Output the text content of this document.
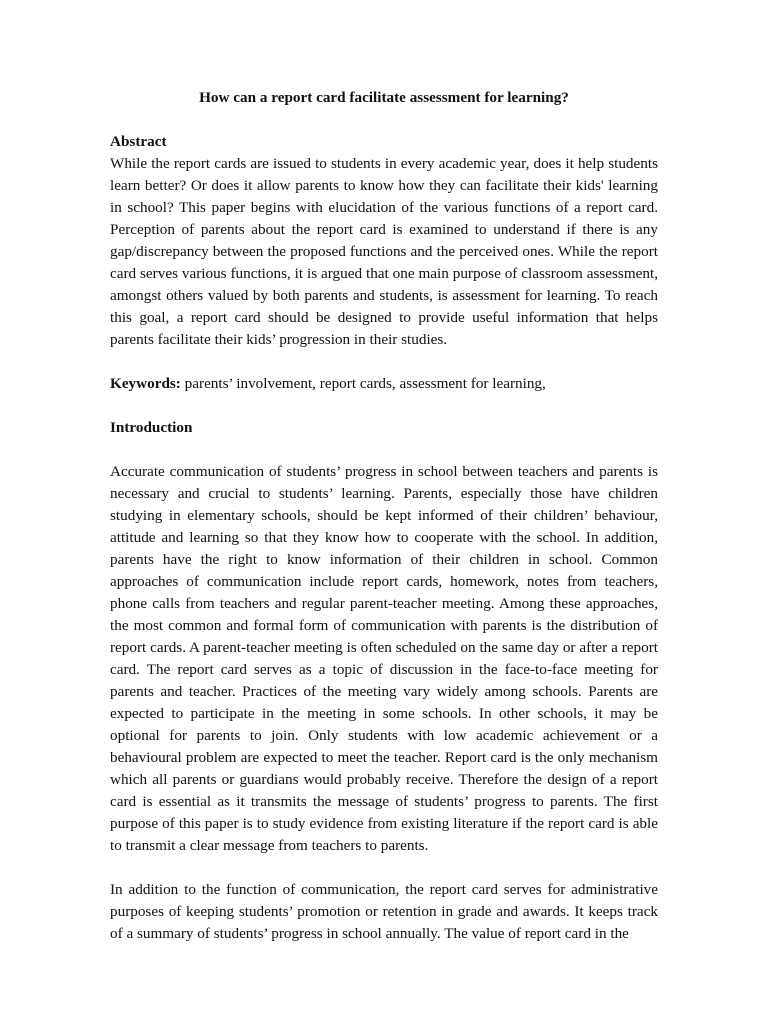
How can a report card facilitate assessment for learning?
Abstract

While the report cards are issued to students in every academic year, does it help students learn better? Or does it allow parents to know how they can facilitate their kids' learning in school? This paper begins with elucidation of the various functions of a report card. Perception of parents about the report card is examined to understand if there is any gap/discrepancy between the proposed functions and the perceived ones. While the report card serves various functions, it is argued that one main purpose of classroom assessment, amongst others valued by both parents and students, is assessment for learning. To reach this goal, a report card should be designed to provide useful information that helps parents facilitate their kids’ progression in their studies.

Keywords: parents’ involvement, report cards, assessment for learning,

Introduction

Accurate communication of students’ progress in school between teachers and parents is necessary and crucial to students’ learning. Parents, especially those have children studying in elementary schools, should be kept informed of their children’ behaviour, attitude and learning so that they know how to cooperate with the school. In addition, parents have the right to know information of their children in school. Common approaches of communication include report cards, homework, notes from teachers, phone calls from teachers and regular parent-teacher meeting. Among these approaches, the most common and formal form of communication with parents is the distribution of report cards. A parent-teacher meeting is often scheduled on the same day or after a report card. The report card serves as a topic of discussion in the face-to-face meeting for parents and teacher. Practices of the meeting vary widely among schools. Parents are expected to participate in the meeting in some schools. In other schools, it may be optional for parents to join. Only students with low academic achievement or a behavioural problem are expected to meet the teacher. Report card is the only mechanism which all parents or guardians would probably receive. Therefore the design of a report card is essential as it transmits the message of students’ progress to parents. The first purpose of this paper is to study evidence from existing literature if the report card is able to transmit a clear message from teachers to parents.

In addition to the function of communication, the report card serves for administrative purposes of keeping students’ promotion or retention in grade and awards. It keeps track of a summary of students’ progress in school annually. The value of report card in the
